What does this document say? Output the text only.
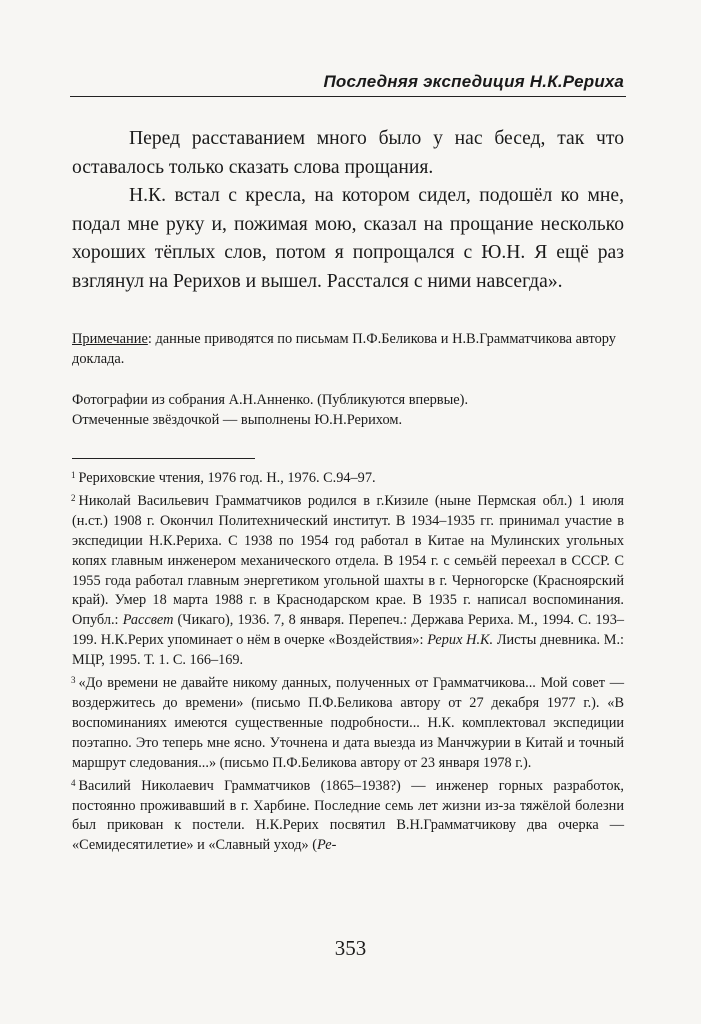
Последняя экспедиция Н.К.Рериха

Перед расставанием много было у нас бесед, так что оставалось только сказать слова прощания.

Н.К. встал с кресла, на котором сидел, подошёл ко мне, подал мне руку и, пожимая мою, сказал на прощание несколько хороших тёплых слов, потом я попрощался с Ю.Н. Я ещё раз взглянул на Рерихов и вышел. Расстался с ними навсегда».

Примечание: данные приводятся по письмам П.Ф.Беликова и Н.В.Грамматчикова автору доклада.
Фотографии из собрания А.Н.Анненко. (Публикуются впервые).
Отмеченные звёздочкой — выполнены Ю.Н.Рерихом.
$^1$ Рериховские чтения, 1976 год. Н., 1976. С.94–97.
$^2$ Николай Васильевич Грамматчиков родился в г.Кизиле (ныне Пермская обл.) 1 июля (н.ст.) 1908 г. Окончил Политехнический институт. В 1934–1935 гг. принимал участие в экспедиции Н.К.Рериха. С 1938 по 1954 год работал в Китае на Мулинских угольных копях главным инженером механического отдела. В 1954 г. с семьёй переехал в СССР. С 1955 года работал главным энергетиком угольной шахты в г. Черногорске (Красноярский край). Умер 18 марта 1988 г. в Краснодарском крае. В 1935 г. написал воспоминания. Опубл.: Рассвет (Чикаго), 1936. 7, 8 января. Перепеч.: Держава Рериха. М., 1994. С. 193–199. Н.К.Рерих упоминает о нём в очерке «Воздействия»: Рерих Н.К. Листы дневника. М.: МЦР, 1995. Т. 1. С. 166–169.
$^3$ «До времени не давайте никому данных, полученных от Грамматчикова... Мой совет — воздержитесь до времени» (письмо П.Ф.Беликова автору от 27 декабря 1977 г.). «В воспоминаниях имеются существенные подробности... Н.К. комплектовал экспедиции поэтапно. Это теперь мне ясно. Уточнена и дата выезда из Манчжурии в Китай и точный маршрут следования...» (письмо П.Ф.Беликова автору от 23 января 1978 г.).
$^4$ Василий Николаевич Грамматчиков (1865–1938?) — инженер горных разработок, постоянно проживавший в г. Харбине. Последние семь лет жизни из-за тяжёлой болезни был прикован к постели. Н.К.Рерих посвятил В.Н.Грамматчикову два очерка — «Семидесятилетие» и «Славный уход» (Ре-
353
